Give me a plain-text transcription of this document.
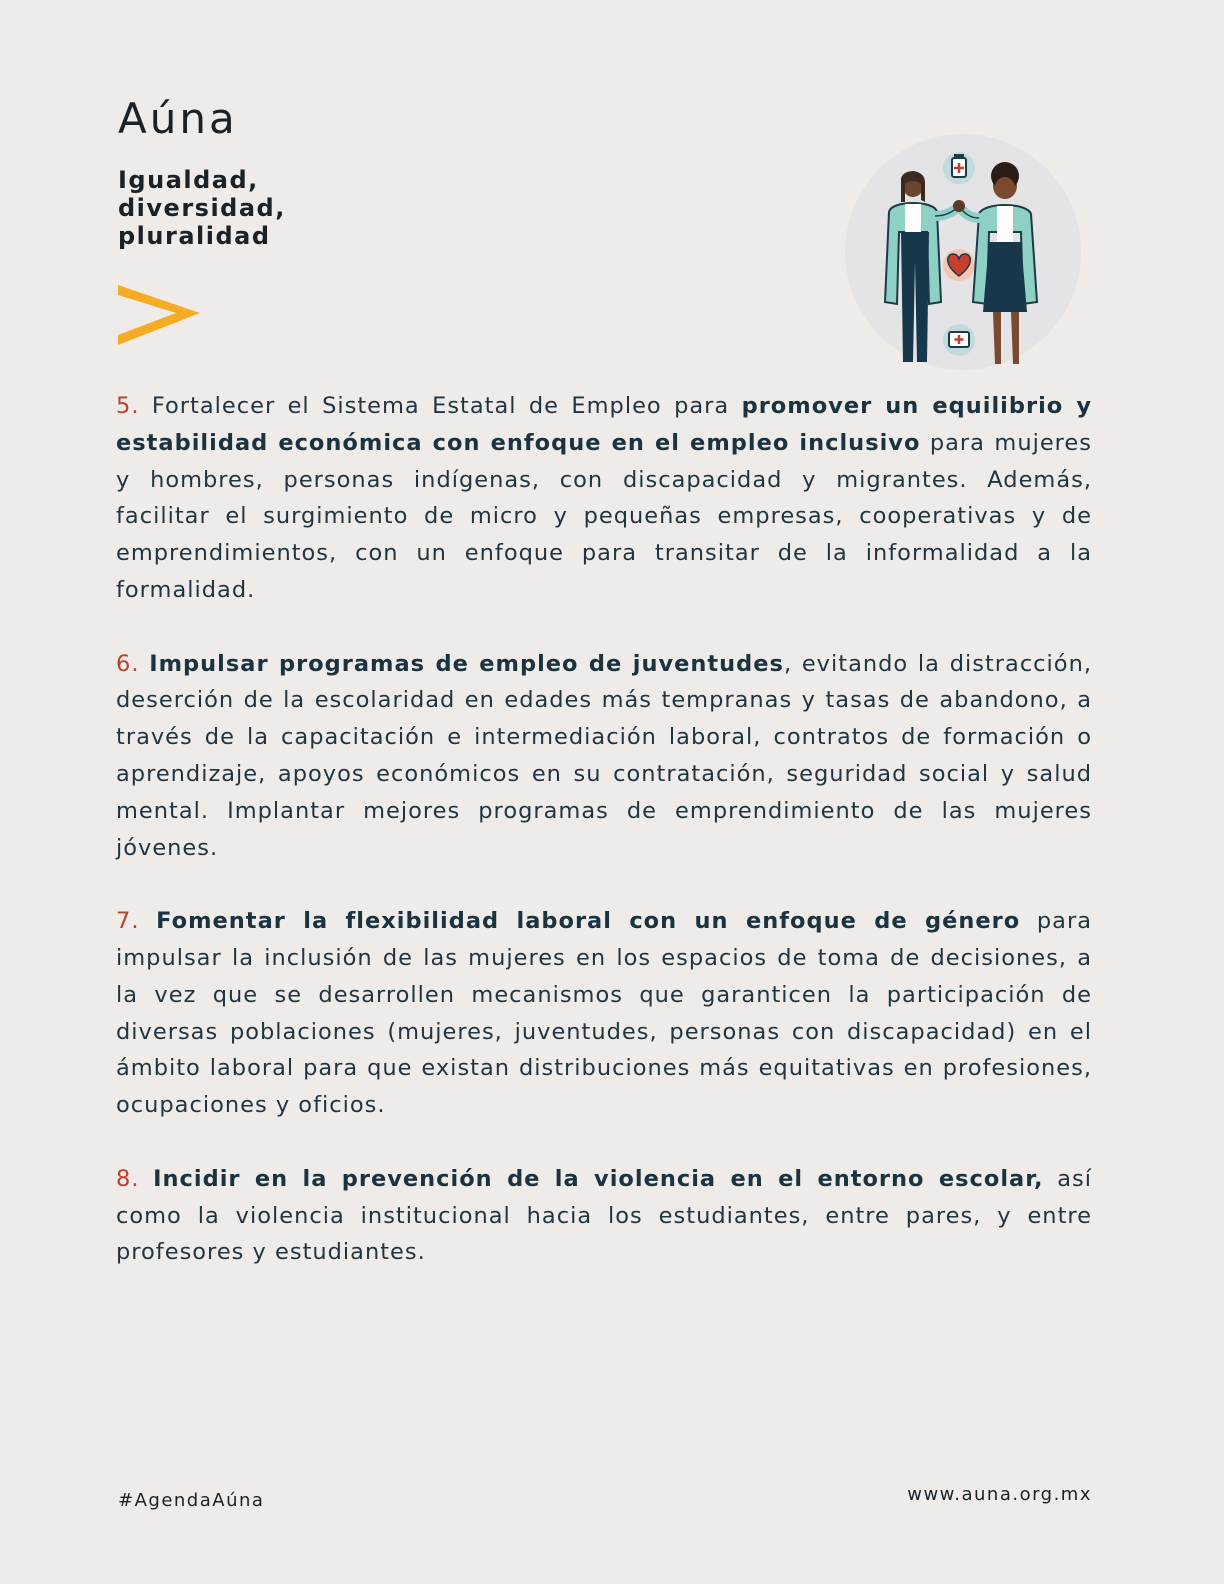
Aúna
Igualdad,
diversidad,
pluralidad

5. Fortalecer el Sistema Estatal de Empleo para promover un equilibrio y estabilidad económica con enfoque en el empleo inclusivo para mujeres y hombres, personas indígenas, con discapacidad y migrantes. Además, facilitar el surgimiento de micro y pequeñas empresas, cooperativas y de emprendimientos, con un enfoque para transitar de la informalidad a la formalidad.

6. Impulsar programas de empleo de juventudes, evitando la distracción, deserción de la escolaridad en edades más tempranas y tasas de abandono, a través de la capacitación e intermediación laboral, contratos de formación o aprendizaje, apoyos económicos en su contratación, seguridad social y salud mental. Implantar mejores programas de emprendimiento de las mujeres jóvenes.

7. Fomentar la flexibilidad laboral con un enfoque de género para impulsar la inclusión de las mujeres en los espacios de toma de decisiones, a la vez que se desarrollen mecanismos que garanticen la participación de diversas poblaciones (mujeres, juventudes, personas con discapacidad) en el ámbito laboral para que existan distribuciones más equitativas en profesiones, ocupaciones y oficios.

8. Incidir en la prevención de la violencia en el entorno escolar, así como la violencia institucional hacia los estudiantes, entre pares, y entre profesores y estudiantes.

#AgendaAúna	www.auna.org.mx
